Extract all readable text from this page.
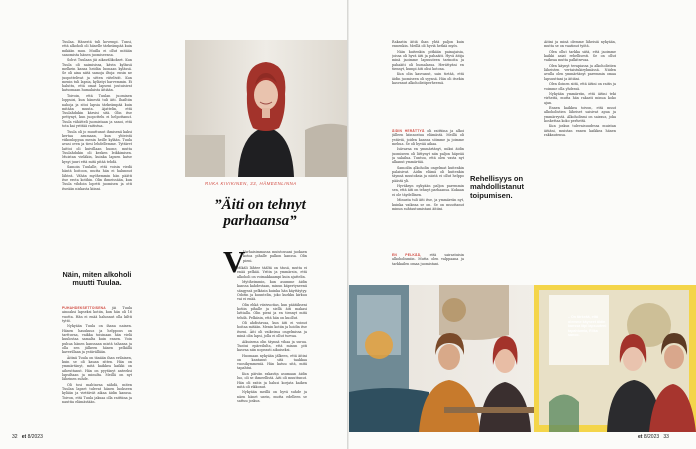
Tuulaa. Hänestä tuli kovempi. Tunsi, että alkoholi oli hänelle tärkeämpää kuin mikään muu. Muilla ei ollut mitään sanomista hänen juomiseensa.

Sohvi Tuulaan jäi aikavälikokset. Kun Tuula oli naimisissa, kävin kylässä melkein kansa heidän luonaan kylässä. Se oli aina niitä samoja iltoja: ensin ne juopottelivat ja sitten riitelivät. Kun menin tuli lapsia, kylästyi harvemmin. Ei haluttu, että omat lapseni joutuisivat katsomaan humalaista äitiään.

Toivoin, että Tuulan juominen loppuisi, kun hänestä tuli äiti. Ihailtiin nahoja ja sitoi lapsia tärkeämpää kuin mitään muuta. Ajattelin, että Tuulahdukin kärsisi sitä. Olin itse pettynyt, kun juopottelu ei helpottanut. Tuula vähätteli juomistaan ja sanoi, että tota kai yrittää raitistua.

Tuula oli jo muuttunut ihmisenä kaksi kertaa asumaan, kun yhteistä viikonloppua menin heille kylään. Tuula avasi oven ja tiesi lehdellemme. Tyttäret laittoi oli kuivillaan huone, mutta Tuulahdukin oli kesken leikkimisen. Muistan vieläkin, kuinka lapsen katse kysyi juuri että mitä pitää tehdä.

Samoin Tuulalle, että voisin viedä häntä hoitoon, mutta hän ei halunnut lähteä. Vähän myöhemmin hän päätti itse erota kotihin. Olin ihmeissään, kun Tuula vihdoin lopetti juomisen ja otti itseään niskasta kiinni.

Näin, miten alkoholi muutti Tuulaa.

PUHAHDEKSETTOISENA jäi Tuula ainoaksi lapseksi kotiin, kun hän oli 16 vuotta. Hän ei enää halunnut olla kiltti tyttö.

Nykyään Tuula on ihana nainen. Hänen hauskuus ja helppous on tarttuvaa, vaikka toisinaan hän vielä kuulostaa samalta kuin ennen. Voin puhua hänen kanssaan mistä tahansa ja olla sen jälkeen hänen pelkällä kaverillaan ja ystävällään.

Äitinä Tuula on tänään ihan erilainen, kuin se oli kauan sitten. Hän on ymmärtänyt, mitä kaikkea kaikki on aiheuttanut. Hän on pyytänyt anteeksi lapsiltaan ja minulta. Meillä on nyt läheinen suhde.

Oli tosi mahtavaa nähdä, miten Tuulan lapset tulevat hänen luokseen kylään ja viettävät aikaa äidin kanssa. Toivon, että Tuula jaksaa olla raittiina ja nauttia elämästään.

RIIKA KIVIKINEN, 33, HÄMEENLINNA
”Äiti on tehnyt parhaansa”
V

Varhaisimmassa muistossani juokaen kotoa pihalle palkon kanssa. Olin pieni.

Mikäli lähtee täältä on tässä, mutta ei enää pelkää. Yritin ja ymmärsin, että alkoholi on voimakkaampi kuin ajattelin.

Mytiheimmin, kun asumme äidin kanssa kahdestaan, minun käpertyneenä sängyssä pelkäsin kuinka hän käyttäytyy. Odotin ja kuuntelin, joko kurkku kirkuu vai ei enää.

Olin ehkä viisivuotias, kun päätäkseni kotiin pihalle ja siellä äiti makasi lattialla. Olin pieni ja en tiennyt mitä tehdä. Pelkäsin, että hän on kuollut.

Oli ahdistavaa, kun äiti ei voinut hoitaa mitään. Menin kotiin ja hoidin itse itseni. Äiti oli vaikeissa ongelmissa ja minä olin lapsi, jolla ei ollut turvaa.

Aikuisena olin täynnä vihaa ja surua. Tuntui epäreilulta, että minun piti kasvaa niin nopeasti aikuiseksi.

Huomaan nykyään jälkeen, että äitini on kantanut sitä taakkaa vuosikymmeniä. Hän katuu sitä, mitä tapahtui.

Kun päivän rakastin asumaan äidin luo, oli se ihmeellistä. Äiti oli muuttunut. Hän oli raitis ja halusi korjata kaiken mitä oli rikkonut.

Nykyään meillä on hyvä suhde ja näen hänet usein, mutta edelleen se sattuu joskus.

32 et 8/2023

Rakastin äitiä ihan yhtä paljon kuin ennenkin. Meillä oli hyviä hetkiä myös.

Näin kuitenkin pitkään painajaisia, joissa oli hyvä äiti ja pahaäiti. Hyvä äitija minä jaoimme lapsuuteen tarinoita ja pahaäiti oli humalassa. Herättyäni en tiennyt, kumpi äiti olisi kotona.

Kun olin kasvanut, sain tietää, että äidin juomiseen oli syynsä. Hän oli itsekin kasvanut alkoholistiperheessä.

ÄIDIN HERÄTTYÄ oli raittiina ja alkoi jälleen kiinnostua elämästä. Meillä oli ystäviä, joiden kanssa söimme ja joimme mehua. Se oli hyvää aikaa.

Isävarna en ymmärtänyt, miksi äidin juomiseen oli liittynyt niin paljon häpeää ja salailua. Tuntuu, että olen vasta nyt alkanut ymmärtää.

Samoilin alkoholin ongelmat kuitenkin palaisivat. Äidin elämä oli kuitenkin täynnä muutoksia ja niistä ei ollut helppo päästä yli.

Hyväksyn nykyään paljon paremmin sen, että äiti on tehnyt parhaansa. Kukaan ei ole täydellinen.

Minusta tuli äiti itse, ja ymmärrän nyt, kuinka vaikeaa se on. Se on muuttanut minun suhtautumistani äitiini.

EN PELKÄÄ, että sairastuisin alkoholismiin. Mutta olen valppaana ja tarkkailen omaa juomistani.

Rehellisyys on mahdollistanut toipumisen.

Äitini ja minä olemme läheisiä nykyään, mutta se on vaatinut työtä.

Olen ollut tarkka siitä, että jaoimme kaikki asiat rehellisesti. Se on ollut vaikeaa mutta palkitsevaa.

Olen käynyt terapiassa ja alkoholistien läheisten vertaistukiryhmässä. Niiden avulla olen ymmärtänyt paremmin omaa lapsuuttani ja äitiäni.

Olen iloinen siitä, että äitini on raitis ja voimme olla yhdessä.

Nykyään ymmärrän, että äitini teki virheitä, mutta hän rakasti minua koko ajan.

Ennen kaikkea toivon, että muut alkoholistien läheiset saisivat apua ja ymmärrystä. Alkoholismi on sairaus, joka koskettaa koko perhettä.

Kun joskus tulevaisuudessa muistan äitiäni, muistan ennen kaikkea hänen rakkautensa.

– On tärkeää, että olemme käyneet äidin kanssa läpi lapsuuteni tapahtumia, Riika sanoo.
et 8/2023 33
